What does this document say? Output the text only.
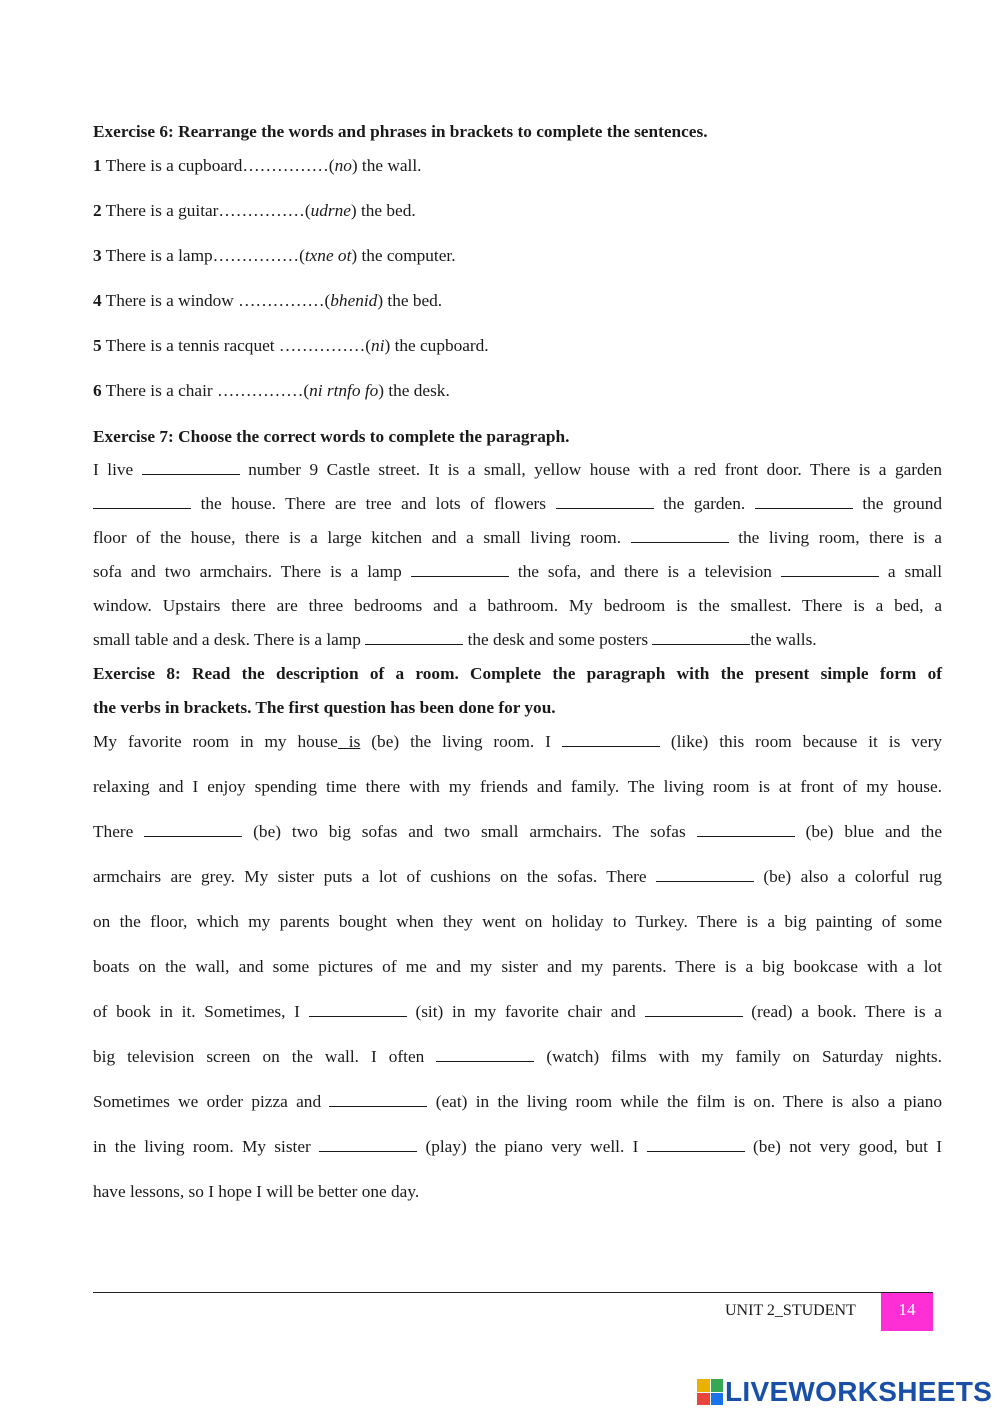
Exercise 6: Rearrange the words and phrases in brackets to complete the sentences.
1 There is a cupboard……………(no) the wall.
2 There is a guitar……………(udrne) the bed.
3 There is a lamp……………(txne ot) the computer.
4 There is a window ……………(bhenid) the bed.
5 There is a tennis racquet ……………(ni) the cupboard.
6 There is a chair ……………(ni rtnfo fo) the desk.
Exercise 7: Choose the correct words to complete the paragraph.
I live	number 9 Castle street. It is a small, yellow house with a red front door. There is a garden
the house. There are tree and lots of flowers	the garden.	the ground
floor of the house, there is a large kitchen and a small living room.	the living room, there is a
sofa and two armchairs. There is a lamp	the sofa, and there is a television	a small
window. Upstairs there are three bedrooms and a bathroom. My bedroom is the smallest. There is a bed, a
small table and a desk. There is a lamp	the desk and some posters	the walls.
Exercise 8: Read the description of a room. Complete the paragraph with the present simple form of
the verbs in brackets. The first question has been done for you.
My favorite room in my house is (be) the living room. I	(like) this room because it is very
relaxing and I enjoy spending time there with my friends and family. The living room is at front of my house.
There	(be) two big sofas and two small armchairs. The sofas	(be) blue and the
armchairs are grey. My sister puts a lot of cushions on the sofas. There	(be) also a colorful rug
on the floor, which my parents bought when they went on holiday to Turkey. There is a big painting of some
boats on the wall, and some pictures of me and my sister and my parents. There is a big bookcase with a lot
of book in it. Sometimes, I	(sit) in my favorite chair and	(read) a book. There is a
big television screen on the wall. I often	(watch) films with my family on Saturday nights.
Sometimes we order pizza and	(eat) in the living room while the film is on. There is also a piano
in the living room. My sister	(play) the piano very well. I	(be) not very good, but I
have lessons, so I hope I will be better one day.
UNIT 2_STUDENT	14
LIVEWORKSHEETS
